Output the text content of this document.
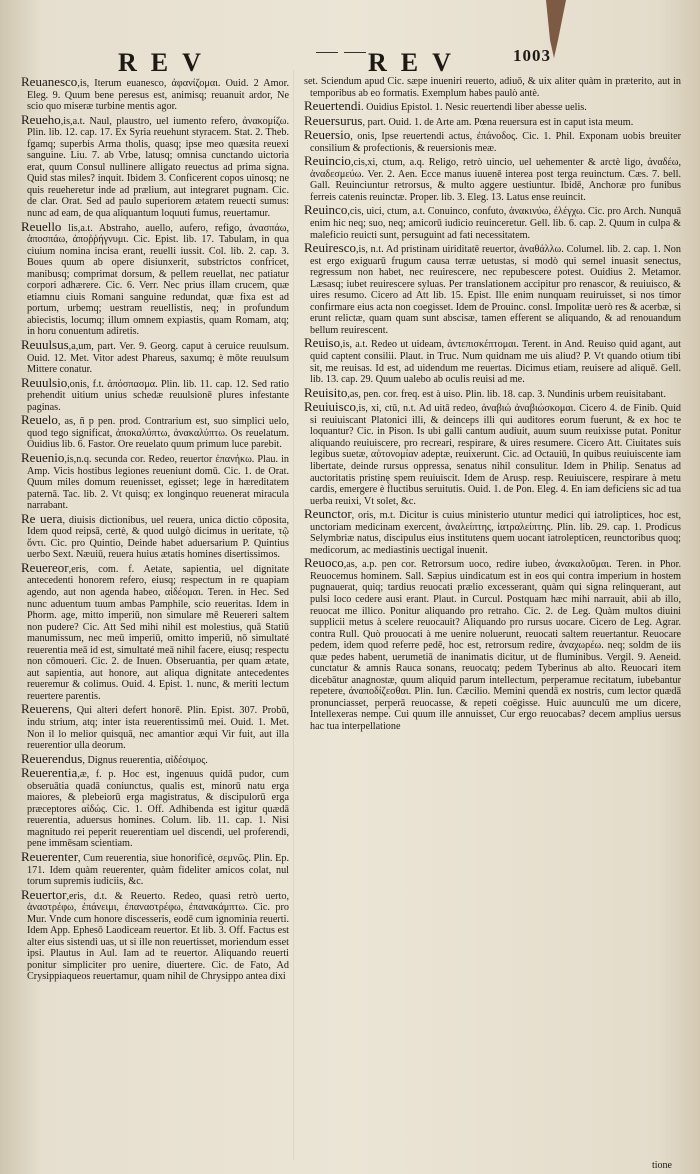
REV	REV	1003

Reuanesco,is, Iterum euanesco, ἀφανίζομαι. Ouid. 2 Amor. Eleg. 9. Quum bene peresus est, animisq; reuanuit ardor, Ne scio quo miseræ turbine mentis agor.

Reueho,is,a.t. Naul, plaustro, uel iumento refero, ἀνακομίζω. Plin. lib. 12. cap. 17. Ex Syria reuehunt styracem. Stat. 2. Theb. fgamq; superbis Arma tholis, quasq; ipse meo quæsita reuexi sanguine. Liu. 7. ab Vrbe, latusq; omnisa cunctando uictoria erat, quum Consul nullinere alligato reuectus ad prima signa. Quid stas miles? inquit. Ibidem 3. Conficerent copos uinosq; ne quis reueheretur inde ad prælium, aut integraret pugnam. Cic. de clar. Orat. Sed ad paulo superiorem ætatem reuecti sumus: nunc ad eam, de qua aliquantum loquuti fumus, reuertamur.

Reuello lis,a.t. Abstraho, auello, aufero, refigo, ἀνασπάω, ἀποσπάω, ἀποῤῥήγνυμι. Cic. Epist. lib. 17. Tabulam, in qua ciuium nomina incisa erant, reuelli iussit. Col. lib. 2. cap. 3. Boues quum ab opere disiunxerit, substrictos confricet, manibusq; comprimat dorsum, & pellem reuellat, nec patiatur corpori adhærere. Cic. 6. Verr. Nec prius illam crucem, quæ etiamnu ciuis Romani sanguine redundat, quæ fixa est ad portum, urbemq; uestram reuellistis, neq; in profundum abiecistis, locumq; illum omnem expiastis, quam Romam, atq; in horu conuentum adiretis.

Reuulsus,a,um, part. Ver. 9. Georg. caput à ceruice reuulsum. Ouid. 12. Met. Vitor adest Phareus, saxumq; è mōte reuulsum Mittere conatur.

Reuulsio,onis, f.t. ἀπόσπασμα. Plin. lib. 11. cap. 12. Sed ratio prehendit uitium unius schedæ reuulsionē plures infestante paginas.

Reuelo, as, ñ p pen. prod. Contrarium est, suo simplici uelo, quod tego significat, ἀποκαλύπτω, ἀνακαλύπτω. Os reuelatum. Ouidius lib. 6. Fastor. Ore reuelato quum primum luce parebit.

Reuenio,is,n.q. secunda cor. Redeo, reuertor ἐπανήκω. Plau. in Amp. Vicis hostibus legiones reueniunt domū. Cic. 1. de Orat. Quum miles domum reuenisset, egisset; lege in hæreditatem paternā. Tac. lib. 2. Vt quisq; ex longinquo reuenerat miracula narrabant.

Re uera, diuisis dictionibus, uel reuera, unica dictio cōposita, Idem quod reipsā, certè, & quod uulgò dicimus in ueritate, τῷ ὄντι. Cic. pro Quintio, Deinde habet aduersarium P. Quintius uerbo Sext. Næuiū, reuera huius ætatis homines disertissimos.

Reuereor,eris, com. f. Aetate, sapientia, uel dignitate antecedenti honorem refero, eiusq; respectum in re quapiam agendo, aut non agenda habeo, αἰδέομαι. Teren. in Hec. Sed nunc aduentum tuum ambas Pamphile, scio reueritas. Idem in Phorm. age, mitto imperiū, non simulare mē Reuereri saltem non pudere? Cic. Att Sed mihi nihil est molestius, quā Statiū manumissum, nec meū imperiū, omitto imperiū, nō simultaté reuerentia meā id est, simultaté meā nihil facere, eiusq; respectu non cōmoueri. Cic. 2. de Inuen. Obseruantia, per quam ætate, aut sapientia, aut honore, aut aliqua dignitate antecedentes reueremur & colimus. Ouid. 4. Epist. 1. nunc, & meriti lectum reuertere parentis.

Reuerens, Qui alteri defert honorē. Plin. Epist. 307. Probū, indu strium, atq; inter ista reuerentissimū mei. Ouid. 1. Met. Non il lo melior quisquā, nec amantior æqui Vir fuit, aut illa reuerentior ulla deorum.

Reuerendus, Dignus reuerentia, αἰδέσιμος.

Reuerentia,æ, f. p. Hoc est, ingenuus quidā pudor, cum obseruātia quadā coniunctus, qualis est, minorū natu erga maiores, & plebeiorū erga magistratus, & discipulorū erga præceptores αἰδώς. Cic. 1. Off. Adhibenda est igitur quædā reuerentia, aduersus homines. Colum. lib. 11. cap. 1. Nisi magnitudo rei peperit reuerentiam uel discendi, uel proferendi, pene immēsam scientiam.

Reuerenter, Cum reuerentia, siue honorificè, σεμνῶς. Plin. Ep. 171. Idem quàm reuerenter, quàm fideliter amicos colat, nul torum supremis iudiciis, &c.

Reuertor,eris, d.t. & Reuerto. Redeo, quasi retrò uerto, ἀναστρέφω, ἐπάνειμι, ἐπαναστρέφω, ἐπανακάμπτω. Cic. pro Mur. Vnde cum honore discesseris, eodē cum ignominia reuerti. Idem App. Ephesō Laodiceam reuertor. Et lib. 3. Off. Factus est alter eius sistendi uas, ut si ille non reuertisset, moriendum esset ipsi. Plautus in Aul. Iam ad te reuertor. Aliquando reuerti ponitur simpliciter pro uenire, diuertere. Cic. de Fato, Ad Crysippiaqueos reuertamur, quam nihil de Chrysippo antea dixi

set. Sciendum apud Cic. sæpe inueniri reuerto, adiuō, & uix aliter quàm in præterito, aut in temporibus ab eo formatis. Exemplum habes paulò antè.

Reuertendi. Ouidius Epistol. 1. Nesic reuertendi liber abesse uelis.

Reuersurus, part. Ouid. 1. de Arte am. Pœna reuersura est in caput ista meum.

Reuersio, onis, Ipse reuertendi actus, ἐπάνοδος. Cic. 1. Phil. Exponam uobis breuiter consilium & profectionis, & reuersionis meæ.

Reuincio,cis,xi, ctum, a.q. Religo, retrò uincio, uel uehementer & arctè ligo, ἀναδέω, ἀναδεσμεύω. Ver. 2. Aen. Ecce manus iuuenē interea post terga reuinctum. Cæs. 7. bell. Gall. Reuinciuntur retrorsus, & multo aggere uestiuntur. Ibidē, Anchoræ pro funibus ferreis catenis reuinctæ. Proper. lib. 3. Eleg. 13. Latus ense reuincit.

Reuinco,cis, uici, ctum, a.t. Conuinco, confuto, ἀνακινύω, ἐλέγχω. Cic. pro Arch. Nunquā enim hic neq; suo, neq; amicorū iudicio reuinceretur. Gell. lib. 6. cap. 2. Quum in culpa & maleficio reuicti sunt, persuguint ad fati necessitatem.

Reuiresco,is, n.t. Ad pristinam uiriditatē reuertor, ἀναθάλλω. Columel. lib. 2. cap. 1. Non est ergo exiguarū frugum causa terræ uetustas, si modò qui semel inuasit senectus, regressum non habet, nec reuirescere, nec repubescere potest. Ouidius 2. Metamor. Læsasq; iubet reuirescere syluas. Per translationem accipitur pro renascor, & reuiuisco, & uires resumo. Cicero ad Att lib. 15. Epist. Ille enim nunquam reuiruisset, si nos timor confirmare eius acta non coegisset. Idem de Prouinc. consl. Impolitæ uerò res & acerbæ, si erunt relictæ, quam quam sunt abscisæ, tamen efferent se aliquando, & ad renouandum bellum reuirescent.

Reuiso,is, a.t. Redeo ut uideam, ἀντεπισκέπτομαι. Terent. in And. Reuiso quid agant, aut quid captent consilii. Plaut. in Truc. Num quidnam me uis aliud? P. Vt quando otium tibi sit, me reuisas. Id est, ad uidendum me reuertas. Dicimus etiam, reuisere ad aliquē. Gell. lib. 13. cap. 29. Quum ualebo ab oculis reuisi ad me.

Reuisito,as, pen. cor. freq. est à uiso. Plin. lib. 18. cap. 3. Nundinis urbem reuisitabant.

Reuiuisco,is, xi, ctū, n.t. Ad uitā redeo, ἀναβιώ ἀναβιώσκομαι. Cicero 4. de Finib. Quid si reuiuiscant Platonici illi, & deinceps illi qui auditores eorum fuerunt, & ex hoc te loquantur? Cic. in Pison. Is ubi galli cantum audiuit, auum suum reuixisse putat. Ponitur aliquando reuiuiscere, pro recreari, respirare, & uires resumere. Cicero Att. Ciuitates suis legibus suetæ, αὐτονομίαν adeptæ, reuixerunt. Cic. ad Octauiū, In quibus reuiuiscente iam libertate, deinde rursus oppressa, senatus nihil consulitur. Idem in Philip. Senatus ad auctoritatis pristinę spem reuiuiscit. Idem de Arusp. resp. Reuiuiscere, respirare à metu cardis, emergere è fluctibus seruitutis. Ouid. 1. de Pon. Eleg. 4. En iam deficiens sic ad tua uerba reuixi, Vt solet, &c.

Reunctor, oris, m.t. Dicitur is cuius ministerio utuntur medici qui iatroliptices, hoc est, unctoriam medicinam exercent, ἀναλείπτης, ἰατραλείπτης. Plin. lib. 29. cap. 1. Prodicus Selymbriæ natus, discipulus eius institutens quem uocant iatrolepticen, reunctoribus quoq; medicorum, ac mediastinis uectigal inuenit.

Reuoco,as, a.p. pen cor. Retrorsum uoco, redire iubeo, ἀνακαλοῦμαι. Teren. in Phor. Reuocemus hominem. Sall. Sæpius uindicatum est in eos qui contra imperium in hostem pugnauerat, quiq; tardius reuocati prælio excesserant, quàm qui signa relinquerant, aut pulsi loco cedere ausi erant. Plaut. in Curcul. Postquam hæc mihi narrauit, abii ab illo, reuocat me illico. Ponitur aliquando pro retraho. Cic. 2. de Leg. Quàm multos diuini supplicii metus à scelere reuocauit? Aliquando pro rursus uocare. Cicero de Leg. Agrar. contra Rull. Quò prouocati à me uenire noluerunt, reuocati saltem reuertantur. Reuocare pedem, idem quod referre pedē, hoc est, retrorsum redire, ἀναχωρέω. neq; soldm de iis quæ pedes habent, uerumetiā de inanimatis dicitur, ut de fluminibus. Vergil. 9. Aeneid. cunctatur & amnis Rauca sonans, reuocatq; pedem Tyberinus ab alto. Reuocari item dicebātur anagnostæ, quum aliquid parum intellectum, perperamue recitatum, iubebantur repetere, ἀναποδίζεσθαι. Plin. Iun. Cæcilio. Memini quendā ex nostris, cum lector quædā pronunciasset, perperā reuocasse, & repeti coëgisse. Huic auunculū me um dicere, Intellexeras nempe. Cui quum ille annuisset, Cur ergo reuocabas? decem amplius uersus hac tua interpellatione

tione
